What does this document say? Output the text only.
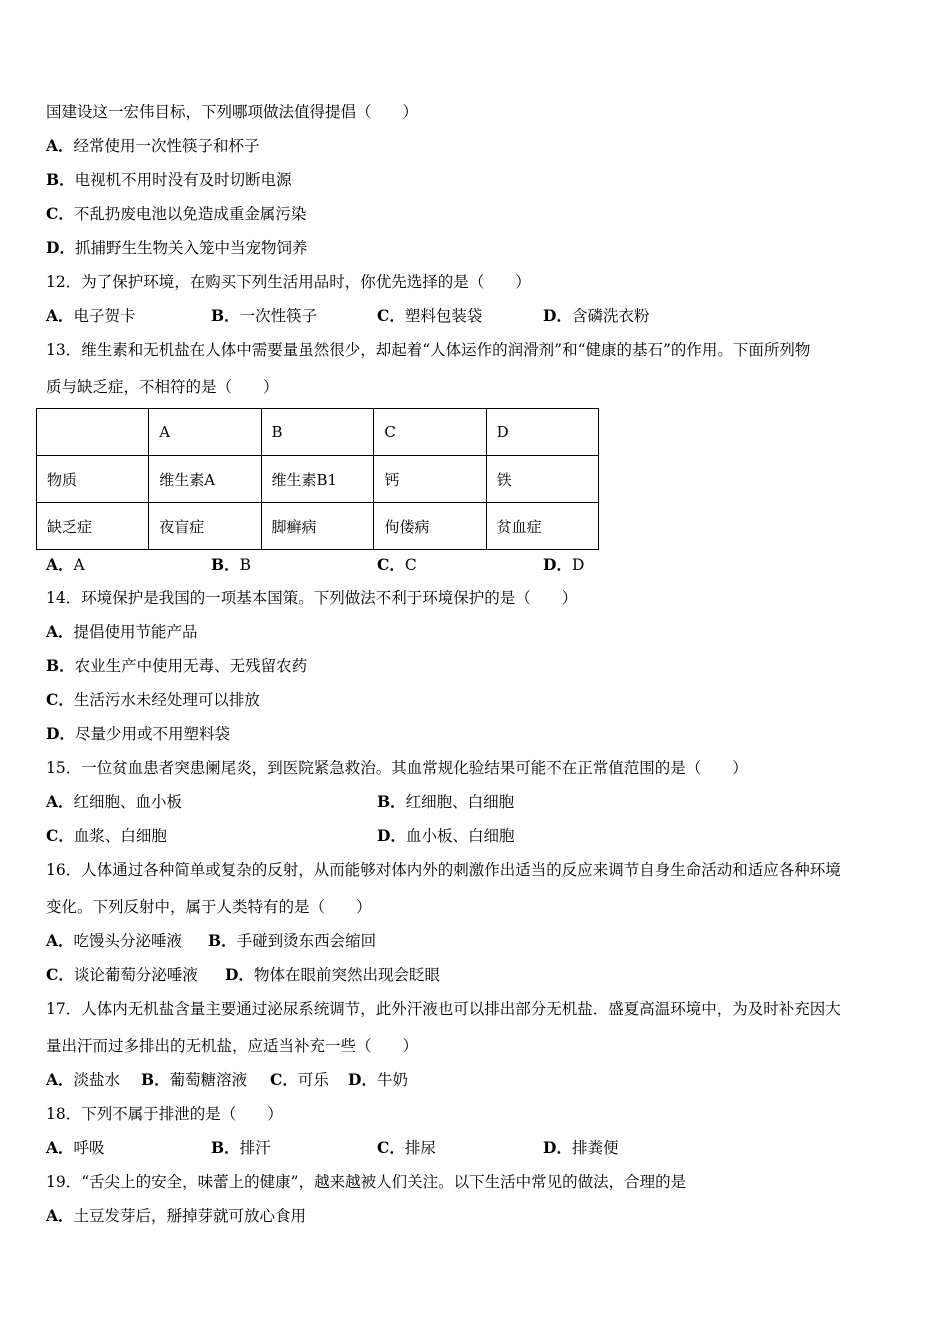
国建设这一宏伟目标，下列哪项做法值得提倡（　　）
A．经常使用一次性筷子和杯子
B．电视机不用时没有及时切断电源
C．不乱扔废电池以免造成重金属污染
D．抓捕野生生物关入笼中当宠物饲养
12．为了保护环境，在购买下列生活用品时，你优先选择的是（　　）
A．电子贺卡	B．一次性筷子	C．塑料包装袋	D．含磷洗衣粉
13．维生素和无机盐在人体中需要量虽然很少，却起着“人体运作的润滑剂”和“健康的基石”的作用。下面所列物
质与缺乏症，不相符的是（　　）
	A	B	C	D
物质	维生素A	维生素B1	钙	铁
缺乏症	夜盲症	脚癣病	佝偻病	贫血症
A．A	B．B	C．C	D．D
14．环境保护是我国的一项基本国策。下列做法不利于环境保护的是（　　）
A．提倡使用节能产品
B．农业生产中使用无毒、无残留农药
C．生活污水未经处理可以排放
D．尽量少用或不用塑料袋
15．一位贫血患者突患阑尾炎，到医院紧急救治。其血常规化验结果可能不在正常值范围的是（　　）
A．红细胞、血小板	B．红细胞、白细胞
C．血浆、白细胞	D．血小板、白细胞
16．人体通过各种简单或复杂的反射，从而能够对体内外的刺激作出适当的反应来调节自身生命活动和适应各种环境
变化。下列反射中，属于人类特有的是（　　）
A．吃馒头分泌唾液 B．手碰到烫东西会缩回
C．谈论葡萄分泌唾液 D．物体在眼前突然出现会眨眼
17．人体内无机盐含量主要通过泌尿系统调节，此外汗液也可以排出部分无机盐．盛夏高温环境中，为及时补充因大
量出汗而过多排出的无机盐，应适当补充一些（　　）
A．淡盐水 B．葡萄糖溶液 C．可乐 D．牛奶
18．下列不属于排泄的是（　　）
A．呼吸	B．排汗	C．排尿	D．排粪便
19．“舌尖上的安全，味蕾上的健康”，越来越被人们关注。以下生活中常见的做法，合理的是
A．土豆发芽后，掰掉芽就可放心食用
